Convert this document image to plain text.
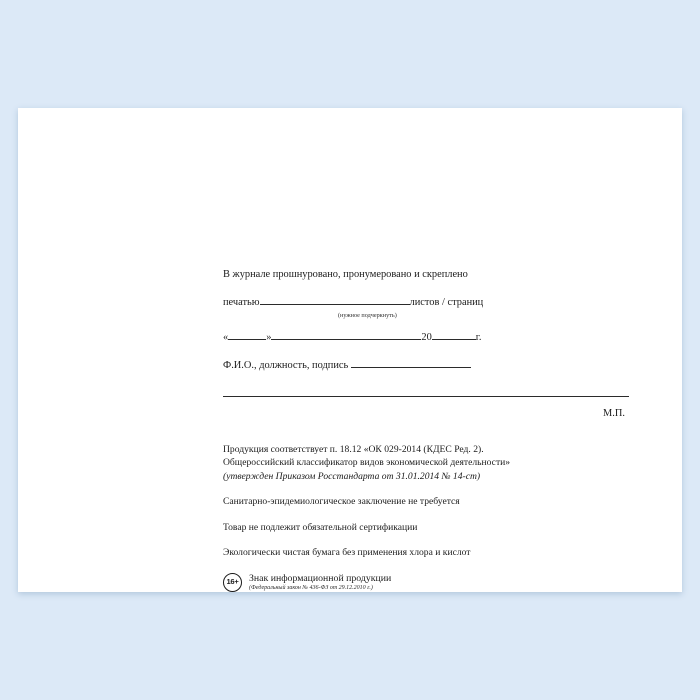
В журнале прошнуровано, пронумеровано и скреплено
печатью	листов / страниц
(нужное подчеркнуть)
«	»	20	г.
Ф.И.О., должность, подпись
М.П.

Продукция соответствует п. 18.12 «ОК 029-2014 (КДЕС Ред. 2).

Общероссийский классификатор видов экономической деятельности»

(утвержден Приказом Росстандарта от 31.01.2014 № 14-ст)

Санитарно-эпидемиологическое заключение не требуется

Товар не подлежит обязательной сертификации

Экологически чистая бумага без применения хлора и кислот

16+	Знак информационной продукции
(Федеральный закон № 436-ФЗ от 29.12.2010 г.)
